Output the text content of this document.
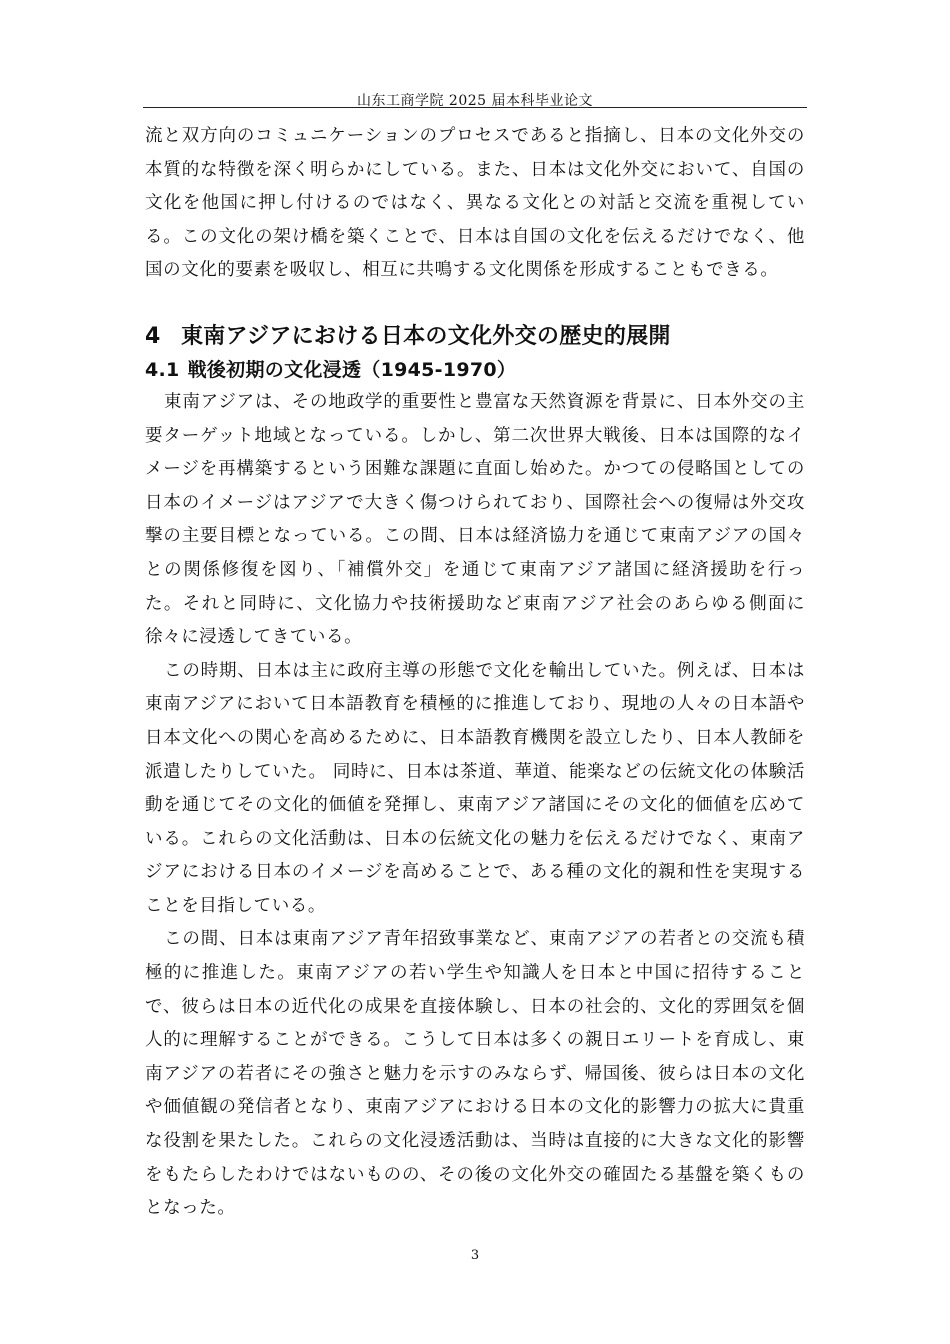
山东工商学院 2025 届本科毕业论文

流と双方向のコミュニケーションのプロセスであると指摘し、日本の文化外交の本質的な特徴を深く明らかにしている。また、日本は文化外交において、自国の文化を他国に押し付けるのではなく、異なる文化との対話と交流を重視している。この文化の架け橋を築くことで、日本は自国の文化を伝えるだけでなく、他国の文化的要素を吸収し、相互に共鳴する文化関係を形成することもできる。

4 東南アジアにおける日本の文化外交の歴史的展開
4.1 戦後初期の文化浸透（1945-1970）

東南アジアは、その地政学的重要性と豊富な天然資源を背景に、日本外交の主要ターゲット地域となっている。しかし、第二次世界大戦後、日本は国際的なイメージを再構築するという困難な課題に直面し始めた。かつての侵略国としての日本のイメージはアジアで大きく傷つけられており、国際社会への復帰は外交攻撃の主要目標となっている。この間、日本は経済協力を通じて東南アジアの国々との関係修復を図り、「補償外交」を通じて東南アジア諸国に経済援助を行った。それと同時に、文化協力や技術援助など東南アジア社会のあらゆる側面に徐々に浸透してきている。

この時期、日本は主に政府主導の形態で文化を輸出していた。例えば、日本は東南アジアにおいて日本語教育を積極的に推進しており、現地の人々の日本語や日本文化への関心を高めるために、日本語教育機関を設立したり、日本人教師を派遣したりしていた。 同時に、日本は茶道、華道、能楽などの伝統文化の体験活動を通じてその文化的価値を発揮し、東南アジア諸国にその文化的価値を広めている。これらの文化活動は、日本の伝統文化の魅力を伝えるだけでなく、東南アジアにおける日本のイメージを高めることで、ある種の文化的親和性を実現することを目指している。

この間、日本は東南アジア青年招致事業など、東南アジアの若者との交流も積極的に推進した。東南アジアの若い学生や知識人を日本と中国に招待することで、彼らは日本の近代化の成果を直接体験し、日本の社会的、文化的雰囲気を個人的に理解することができる。こうして日本は多くの親日エリートを育成し、東南アジアの若者にその強さと魅力を示すのみならず、帰国後、彼らは日本の文化や価値観の発信者となり、東南アジアにおける日本の文化的影響力の拡大に貴重な役割を果たした。これらの文化浸透活動は、当時は直接的に大きな文化的影響をもたらしたわけではないものの、その後の文化外交の確固たる基盤を築くものとなった。

3
